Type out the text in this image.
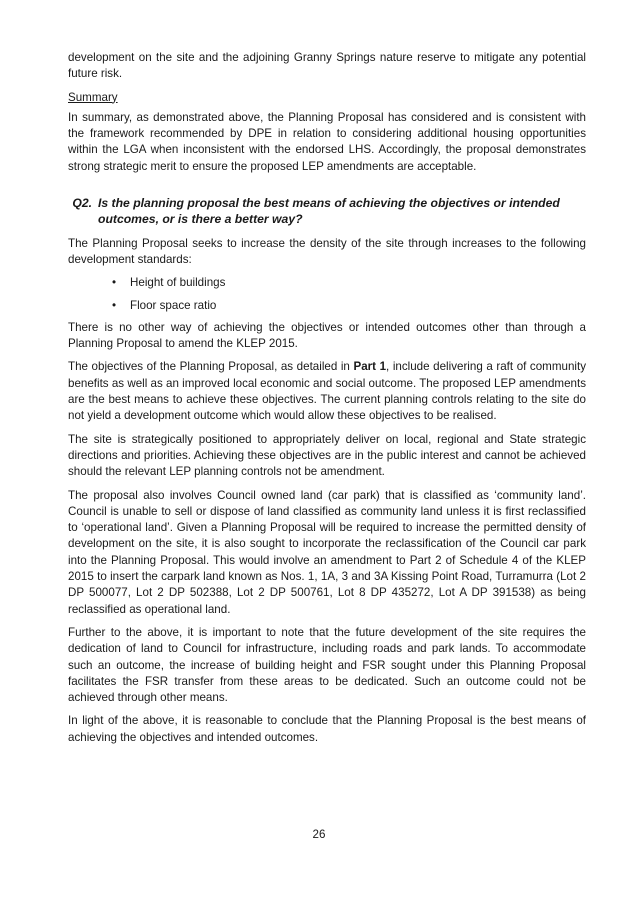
development on the site and the adjoining Granny Springs nature reserve to mitigate any potential future risk.

Summary

In summary, as demonstrated above, the Planning Proposal has considered and is consistent with the framework recommended by DPE in relation to considering additional housing opportunities within the LGA when inconsistent with the endorsed LHS. Accordingly, the proposal demonstrates strong strategic merit to ensure the proposed LEP amendments are acceptable.

Q2. Is the planning proposal the best means of achieving the objectives or intended outcomes, or is there a better way?

The Planning Proposal seeks to increase the density of the site through increases to the following development standards:

• Height of buildings
• Floor space ratio

There is no other way of achieving the objectives or intended outcomes other than through a Planning Proposal to amend the KLEP 2015.

The objectives of the Planning Proposal, as detailed in Part 1, include delivering a raft of community benefits as well as an improved local economic and social outcome. The proposed LEP amendments are the best means to achieve these objectives. The current planning controls relating to the site do not yield a development outcome which would allow these objectives to be realised.

The site is strategically positioned to appropriately deliver on local, regional and State strategic directions and priorities. Achieving these objectives are in the public interest and cannot be achieved should the relevant LEP planning controls not be amendment.

The proposal also involves Council owned land (car park) that is classified as ‘community land’. Council is unable to sell or dispose of land classified as community land unless it is first reclassified to ‘operational land’. Given a Planning Proposal will be required to increase the permitted density of development on the site, it is also sought to incorporate the reclassification of the Council car park into the Planning Proposal. This would involve an amendment to Part 2 of Schedule 4 of the KLEP 2015 to insert the carpark land known as Nos. 1, 1A, 3 and 3A Kissing Point Road, Turramurra (Lot 2 DP 500077, Lot 2 DP 502388, Lot 2 DP 500761, Lot 8 DP 435272, Lot A DP 391538) as being reclassified as operational land.

Further to the above, it is important to note that the future development of the site requires the dedication of land to Council for infrastructure, including roads and park lands. To accommodate such an outcome, the increase of building height and FSR sought under this Planning Proposal facilitates the FSR transfer from these areas to be dedicated. Such an outcome could not be achieved through other means.

In light of the above, it is reasonable to conclude that the Planning Proposal is the best means of achieving the objectives and intended outcomes.

26
